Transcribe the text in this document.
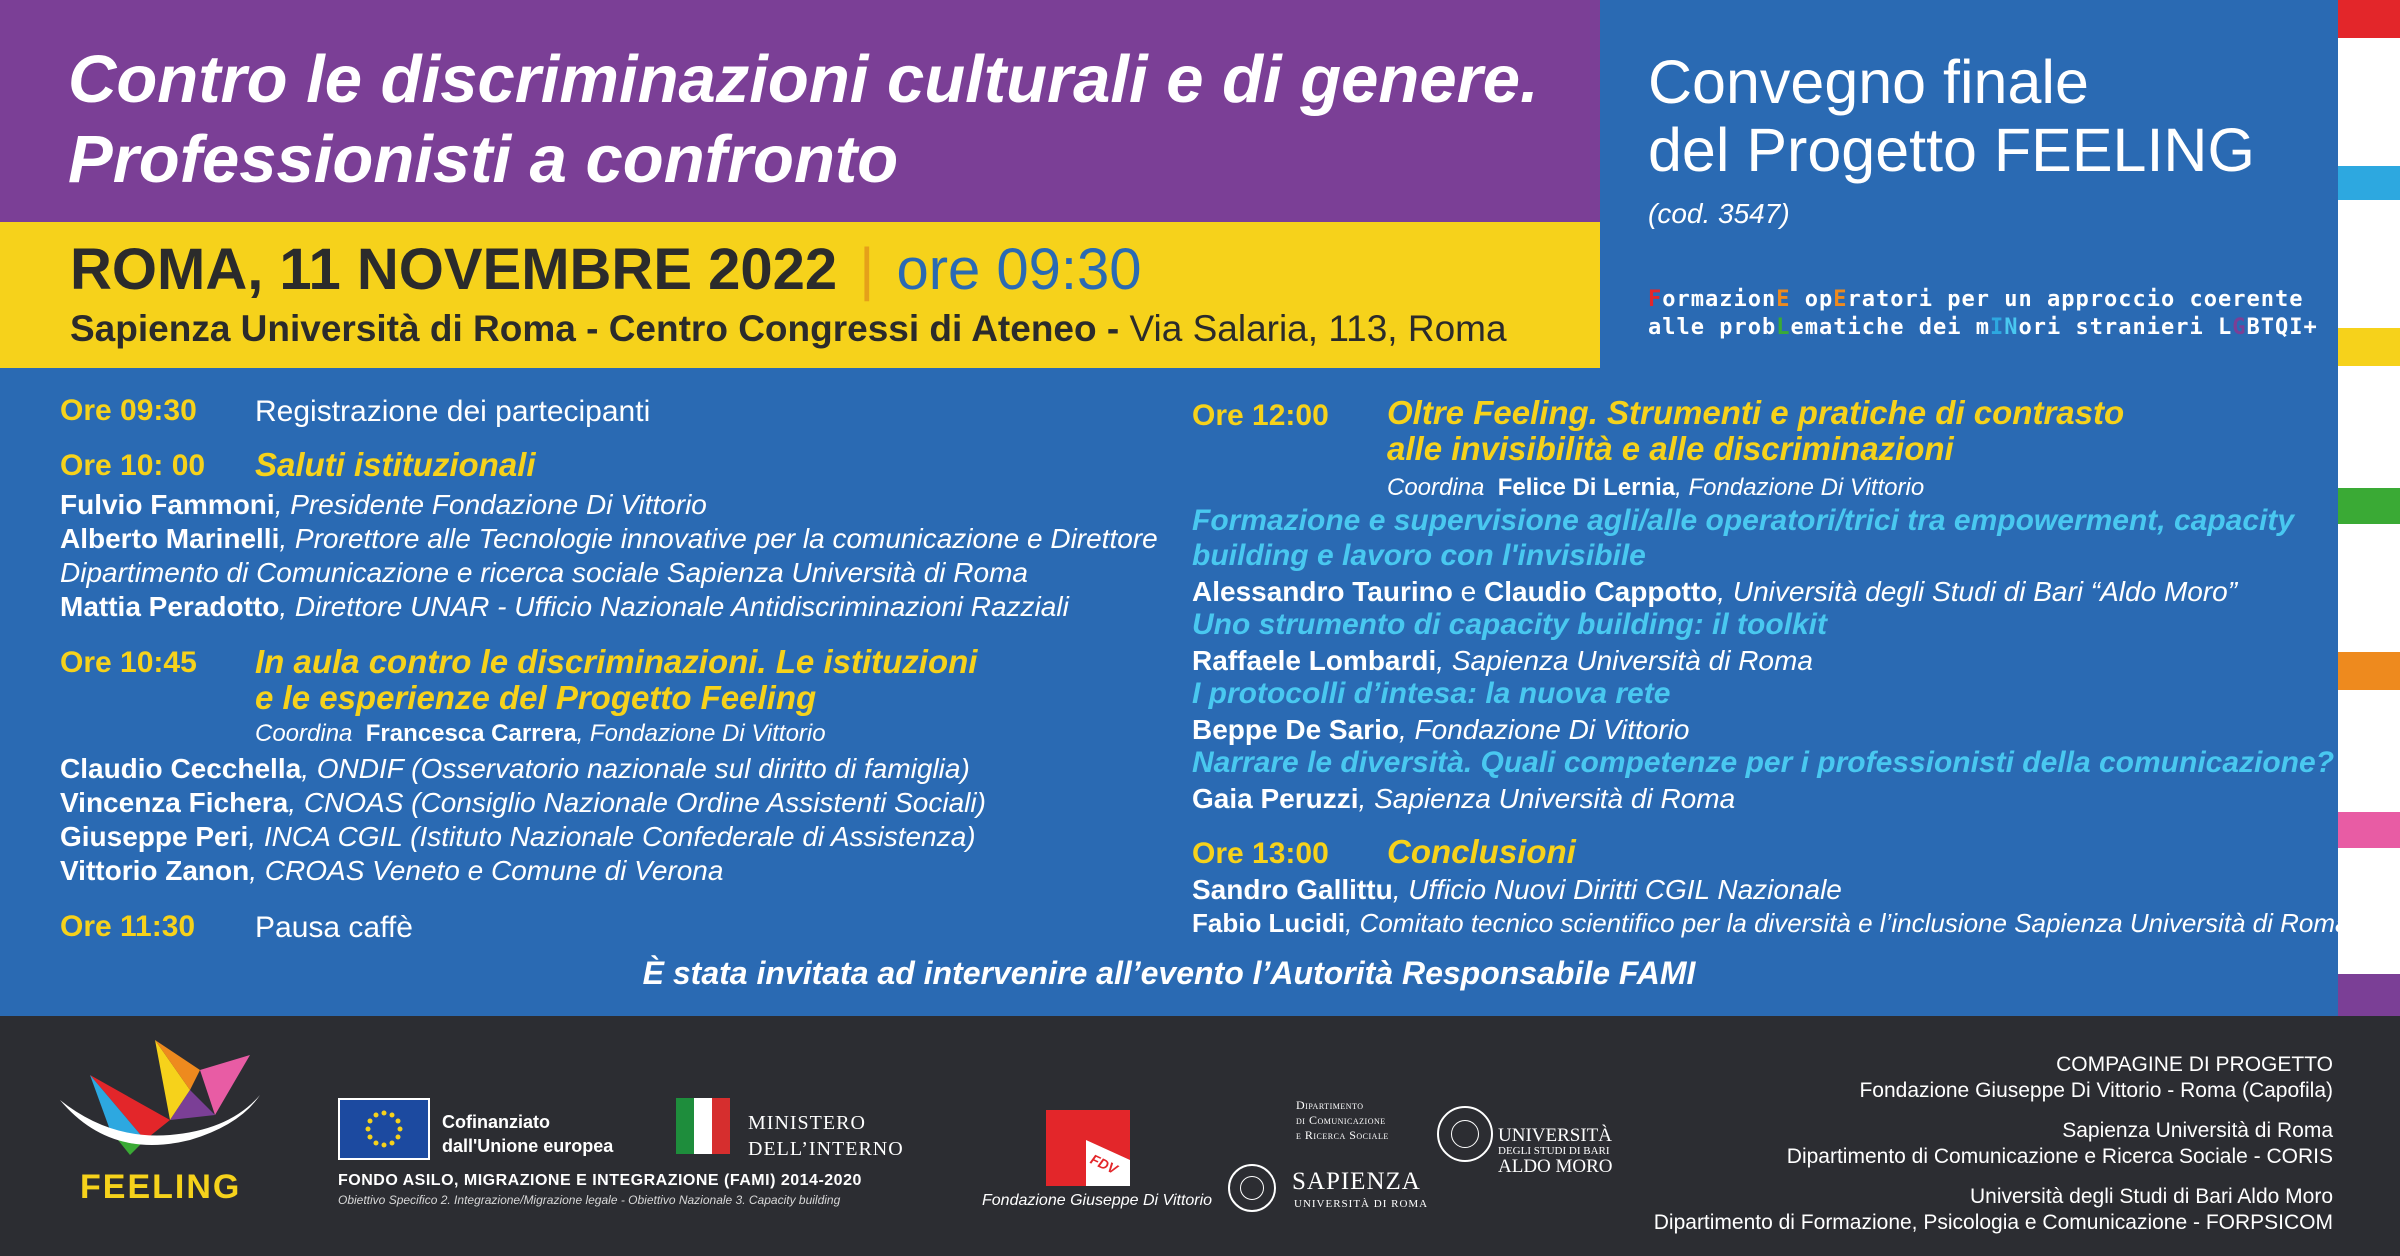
Contro le discriminazioni culturali e di genere.
Professionisti a confronto
ROMA, 11 NOVEMBRE 2022 | ore 09:30
Sapienza Università di Roma - Centro Congressi di Ateneo - Via Salaria, 113, Roma
Convegno finale
del Progetto FEELING
(cod. 3547)
FormazionE opEratori per un approccio coerente
alle probLematiche dei mINori stranieri LGBTQI+
Ore 09:30 Registrazione dei partecipanti
Ore 10: 00 Saluti istituzionali
Fulvio Fammoni, Presidente Fondazione Di Vittorio
Alberto Marinelli, Prorettore alle Tecnologie innovative per la comunicazione e Direttore
Dipartimento di Comunicazione e ricerca sociale Sapienza Università di Roma
Mattia Peradotto, Direttore UNAR - Ufficio Nazionale Antidiscriminazioni Razziali
Ore 10:45 In aula contro le discriminazioni. Le istituzioni
e le esperienze del Progetto Feeling
Coordina Francesca Carrera, Fondazione Di Vittorio
Claudio Cecchella, ONDIF (Osservatorio nazionale sul diritto di famiglia)
Vincenza Fichera, CNOAS (Consiglio Nazionale Ordine Assistenti Sociali)
Giuseppe Peri, INCA CGIL (Istituto Nazionale Confederale di Assistenza)
Vittorio Zanon, CROAS Veneto e Comune di Verona
Ore 11:30 Pausa caffè
Ore 12:00 Oltre Feeling. Strumenti e pratiche di contrasto
alle invisibilità e alle discriminazioni
Coordina Felice Di Lernia, Fondazione Di Vittorio
Formazione e supervisione agli/alle operatori/trici tra empowerment, capacity
building e lavoro con l'invisibile
Alessandro Taurino e Claudio Cappotto, Università degli Studi di Bari “Aldo Moro”
Uno strumento di capacity building: il toolkit
Raffaele Lombardi, Sapienza Università di Roma
I protocolli d’intesa: la nuova rete
Beppe De Sario, Fondazione Di Vittorio
Narrare le diversità. Quali competenze per i professionisti della comunicazione?
Gaia Peruzzi, Sapienza Università di Roma
Ore 13:00 Conclusioni
Sandro Gallittu, Ufficio Nuovi Diritti CGIL Nazionale
Fabio Lucidi, Comitato tecnico scientifico per la diversità e l’inclusione Sapienza Università di Roma
È stata invitata ad intervenire all’evento l’Autorità Responsabile FAMI
FEELING
Cofinanziato
dall'Unione europea
MINISTERO
DELL’INTERNO
FONDO ASILO, MIGRAZIONE E INTEGRAZIONE (FAMI) 2014-2020
Obiettivo Specifico 2. Integrazione/Migrazione legale - Obiettivo Nazionale 3. Capacity building
FDV
Fondazione Giuseppe Di Vittorio
Dipartimento
di Comunicazione
e Ricerca Sociale
SAPIENZA
UNIVERSITÀ DI ROMA
UNIVERSITÀ
DEGLI STUDI DI BARI
ALDO MORO
COMPAGINE DI PROGETTO
Fondazione Giuseppe Di Vittorio - Roma (Capofila)
Sapienza Università di Roma
Dipartimento di Comunicazione e Ricerca Sociale - CORIS
Università degli Studi di Bari Aldo Moro
Dipartimento di Formazione, Psicologia e Comunicazione - FORPSICOM
